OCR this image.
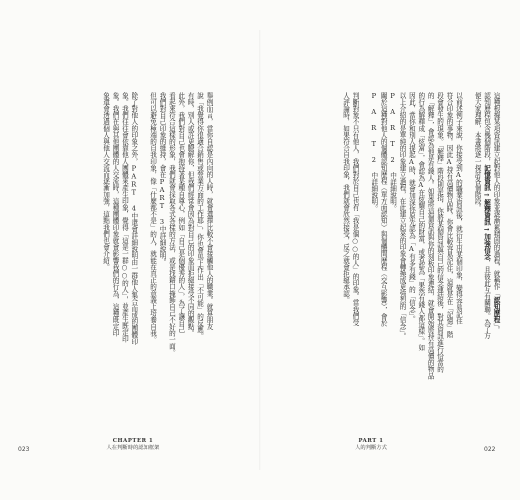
舉例而言，當你自認是內向的人時，就會選擇比較不會接觸他人的職業。就算朋友
說「我覺得你很適合銷售或營業方面的工作耶」，你也會馬上作出「不可能」的反應。
有時，別人或許更瞭解你，但我們經常會因為對自己的印象而拒絕接受不同的觀點。
此外，我們對自己也會抱持著某種自尊心，例如「自己是個優秀的人」，為了讓自己
看起來符合這樣的形象，我們就會採取各式各樣的方法，或是找藉口掩飾自己不好的一面。
我們對自己印象的維持，會在PART 3中詳細說明。
但可以避免極端的自我印象，像「什麼都不是」的人，就能在真正的意義上培養自我。
除了對他人的印象之外，PART 4中還會詳細說明由一群他人集合而成的團體印
象。我們往往會依靠他人團體來產生印象，覺得「這是一群○○的人」，並產生既定印
象。我們在與其他團體的人交流時，這種團體印象就會影響我們的行為，這種既定印
象還會透過個人與他人交流而逐漸加強，這點我們也會介紹。
CHAPTER 1
人在判斷時的認知框架
023
這種根據某項資訊建立起對他人的印象並逐漸累積固的過程，就稱作「認知歷程」。
認知歷程包含幾個階段，記憶資訊→解釋資訊→加強信念，且彼此互有關聯。為了方
便大家理解，本書將逐一探討各個階段。
以前述例子來說，你接受到A的職業資訊後，就衍生出某個印象，變得容易記住
符合印象的事物。因此A持有高價物品時，你會比較容易記住，這就是在「記憶」階
段會發生的現象。「解釋」階段則是指，你將某個資訊與自己的信念連結後，對其資訊進行恰當的
的「解釋」，會認為他是有錢人。如果將這個資訊與你的刻板印象連結，就會開始將持有高價的物品
的行為解釋成「炫富」，會認為A在炫耀自己的財富，或者認為「果然有錢人都這樣」。如
因此，當你和別人提起A時，就會加深你原先認為「A有多有錢」的「信念」。
以上介紹的是單純的印象建立過程，在此建立起來的印象會轉換成更強烈的「信念」。
P A R T 2 中詳細說明。
關於這種對他人的個體認知歷程（單方面認知）與個體間歷程（交互影響），會於
P A R T 2 中詳細說明。
判斷對象不只有他人，我們對於自己也有「我是個○○的人」的印象。當我們受
人評論時，如果符合自我印象，我們就會欣然接受，反之就會拒絕承認。
PART 1
人的判斷方式	022
